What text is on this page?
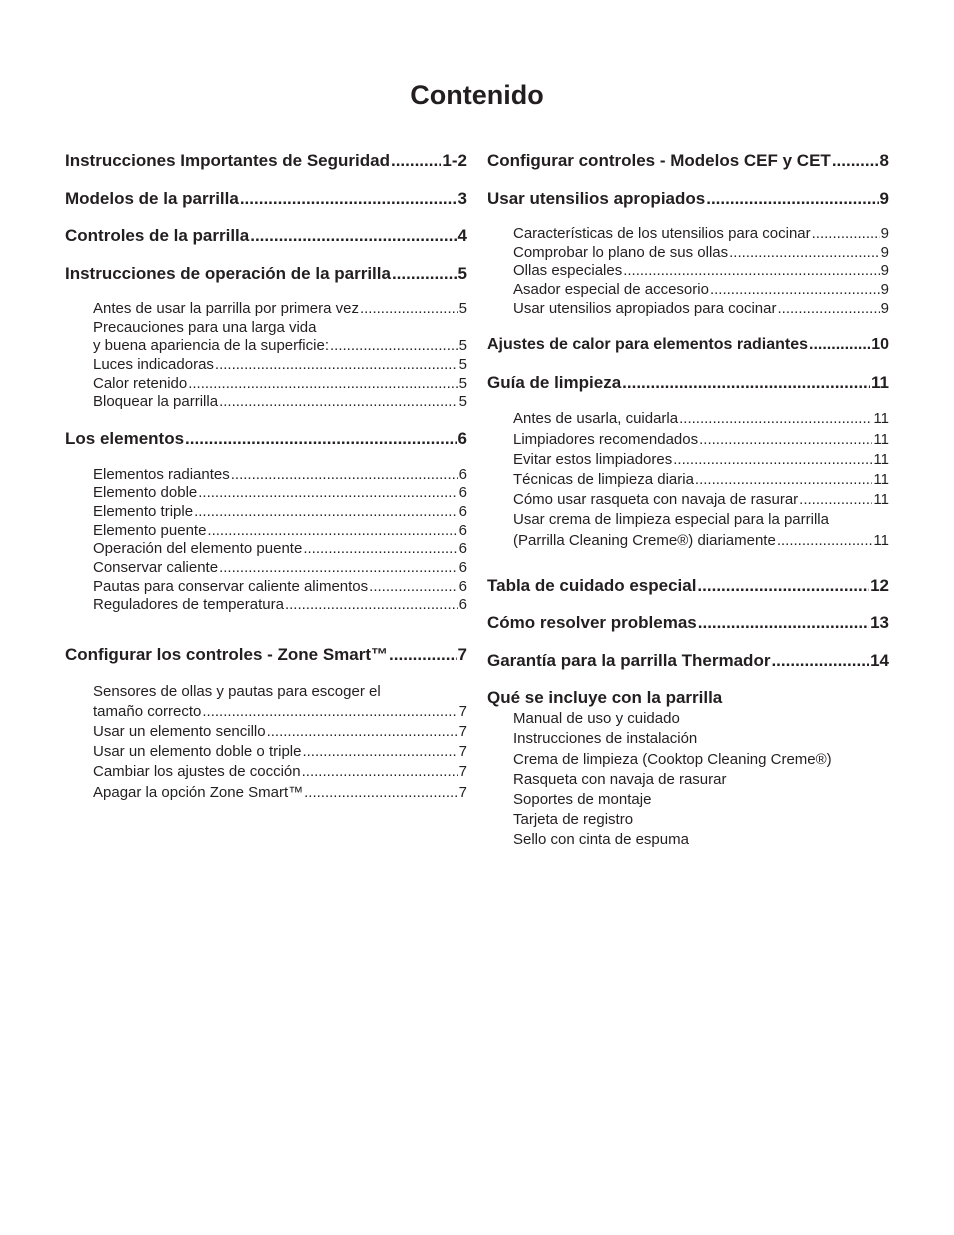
Contenido
Instrucciones Importantes de Seguridad .....	1-2
Modelos de la parrilla .....	3
Controles de la parrilla .....	4
Instrucciones de operación de la parrilla .....	5
Antes de usar la parrilla por primera vez .....	5
Precauciones para una larga vida
y buena apariencia de la superficie: .....	5
Luces indicadoras .....	5
Calor retenido .....	5
Bloquear la parrilla .....	5
Los elementos .....	6
Elementos radiantes .....	6
Elemento doble .....	6
Elemento triple .....	6
Elemento puente .....	6
Operación del elemento puente .....	6
Conservar caliente .....	6
Pautas para conservar caliente alimentos .....	6
Reguladores de temperatura .....	6
Configurar los controles - Zone Smart™ .....	7
Sensores de ollas y pautas para escoger el
tamaño correcto .....	7
Usar un elemento sencillo .....	7
Usar un elemento doble o triple .....	7
Cambiar los ajustes de cocción .....	7
Apagar la opción Zone Smart™ .....	7
Configurar controles - Modelos CEF y CET .....	8
Usar utensilios apropiados .....	9
Características de los utensilios para cocinar .....	9
Comprobar lo plano de sus ollas .....	9
Ollas especiales .....	9
Asador especial de accesorio .....	9
Usar utensilios apropiados para cocinar .....	9
Ajustes de calor para elementos radiantes .....	10
Guía de limpieza .....	11
Antes de usarla, cuidarla .....	11
Limpiadores recomendados .....	11
Evitar estos limpiadores .....	11
Técnicas de limpieza diaria .....	11
Cómo usar rasqueta con navaja de rasurar .....	11
Usar crema de limpieza especial para la parrilla
(Parrilla Cleaning Creme®) diariamente .....	11
Tabla de cuidado especial .....	12
Cómo resolver problemas .....	13
Garantía para la parrilla Thermador .....	14
Qué se incluye con la parrilla
Manual de uso y cuidado
Instrucciones de instalación
Crema de limpieza (Cooktop Cleaning Creme®)
Rasqueta con navaja de rasurar
Soportes de montaje
Tarjeta de registro
Sello con cinta de espuma
